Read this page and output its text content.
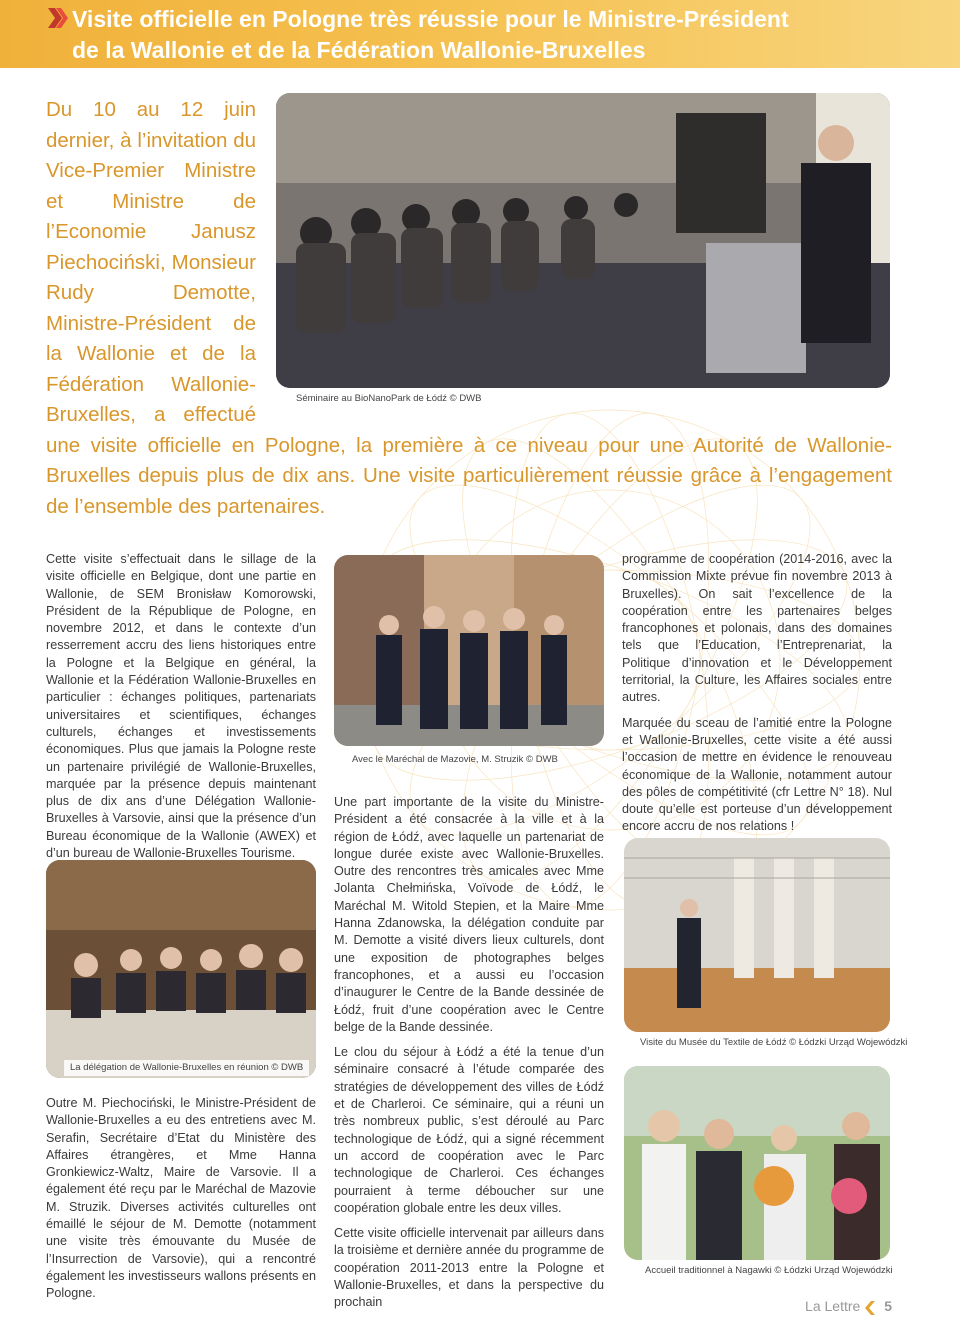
Visite officielle en Pologne très réussie pour le Ministre-Président
de la Wallonie et de la Fédération Wallonie-Bruxelles

Du 10 au 12 juin dernier, à l’invitation du Vice-Premier Ministre et Ministre de l’Economie Janusz Piechociński, Monsieur Rudy Demotte, Ministre-Président de la Wallonie et de la Fédération Wallonie-Bruxelles, a effectué une visite officielle en Pologne, la première à ce niveau pour une Autorité de Wallonie-Bruxelles depuis plus de dix ans. Une visite particulièrement réussie grâce à l’engagement de l’ensemble des partenaires.

Séminaire au BioNanoPark de Łódź © DWB

Cette visite s’effectuait dans le sillage de la visite officielle en Belgique, dont une partie en Wallonie, de SEM Bronisław Komorowski, Président de la République de Pologne, en novembre 2012, et dans le contexte d’un resserrement accru des liens historiques entre la Pologne et la Belgique en général, la Wallonie et la Fédération Wallonie-Bruxelles en particulier : échanges politiques, partenariats universitaires et scientifiques, échanges culturels, échanges et investissements économiques. Plus que jamais la Pologne reste un partenaire privilégié de Wallonie-Bruxelles, marquée par la présence depuis maintenant plus de dix ans d’une Délégation Wallonie-Bruxelles à Varsovie, ainsi que la présence d’un Bureau économique de la Wallonie (AWEX) et d’un bureau de Wallonie-Bruxelles Tourisme.

La délégation de Wallonie-Bruxelles en réunion © DWB

Outre M. Piechociński, le Ministre-Président de Wallonie-Bruxelles a eu des entretiens avec M. Serafin, Secrétaire d’Etat du Ministère des Affaires étrangères, et Mme Hanna Gronkiewicz-Waltz, Maire de Varsovie. Il a également été reçu par le Maréchal de Mazovie M. Struzik. Diverses activités culturelles ont émaillé le séjour de M. Demotte (notamment une visite très émouvante du Musée de l’Insurrection de Varsovie), qui a rencontré également les investisseurs wallons présents en Pologne.

Avec le Maréchal de Mazovie, M. Struzik © DWB

Une part importante de la visite du Ministre-Président a été consacrée à la ville et à la région de Łódź, avec laquelle un partenariat de longue durée existe avec Wallonie-Bruxelles. Outre des rencontres très amicales avec Mme Jolanta Chełmińska, Voïvode de Łódź, le Maréchal M. Witold Stepien, et la Maire Mme Hanna Zdanowska, la délégation conduite par M. Demotte a visité divers lieux culturels, dont une exposition de photographes belges francophones, et a aussi eu l’occasion d’inaugurer le Centre de la Bande dessinée de Łódź, fruit d’une coopération avec le Centre belge de la Bande dessinée.

Le clou du séjour à Łódź a été la tenue d’un séminaire consacré à l’étude comparée des stratégies de développement des villes de Łódź et de Charleroi. Ce séminaire, qui a réuni un très nombreux public, s’est déroulé au Parc technologique de Łódź, qui a signé récemment un accord de coopération avec le Parc technologique de Charleroi. Ces échanges pourraient à terme déboucher sur une coopération globale entre les deux villes.

Cette visite officielle intervenait par ailleurs dans la troisième et dernière année du programme de coopération 2011-2013 entre la Pologne et Wallonie-Bruxelles, et dans la perspective du prochain

programme de coopération (2014-2016, avec la Commission Mixte prévue fin novembre 2013 à Bruxelles). On sait l’excellence de la coopération entre les partenaires belges francophones et polonais, dans des domaines tels que l’Education, l’Entreprenariat, la Politique d’innovation et le Développement territorial, la Culture, les Affaires sociales entre autres.

Marquée du sceau de l’amitié entre la Pologne et Wallonie-Bruxelles, cette visite a été aussi l’occasion de mettre en évidence le renouveau économique de la Wallonie, notamment autour des pôles de compétitivité (cfr Lettre N° 18). Nul doute qu’elle est porteuse d’un développement encore accru de nos relations !

Visite du Musée du Textile de Łódź © Łódzki Urząd Wojewódzki
Accueil traditionnel à Nagawki © Łódzki Urząd Wojewódzki
La Lettre 5
